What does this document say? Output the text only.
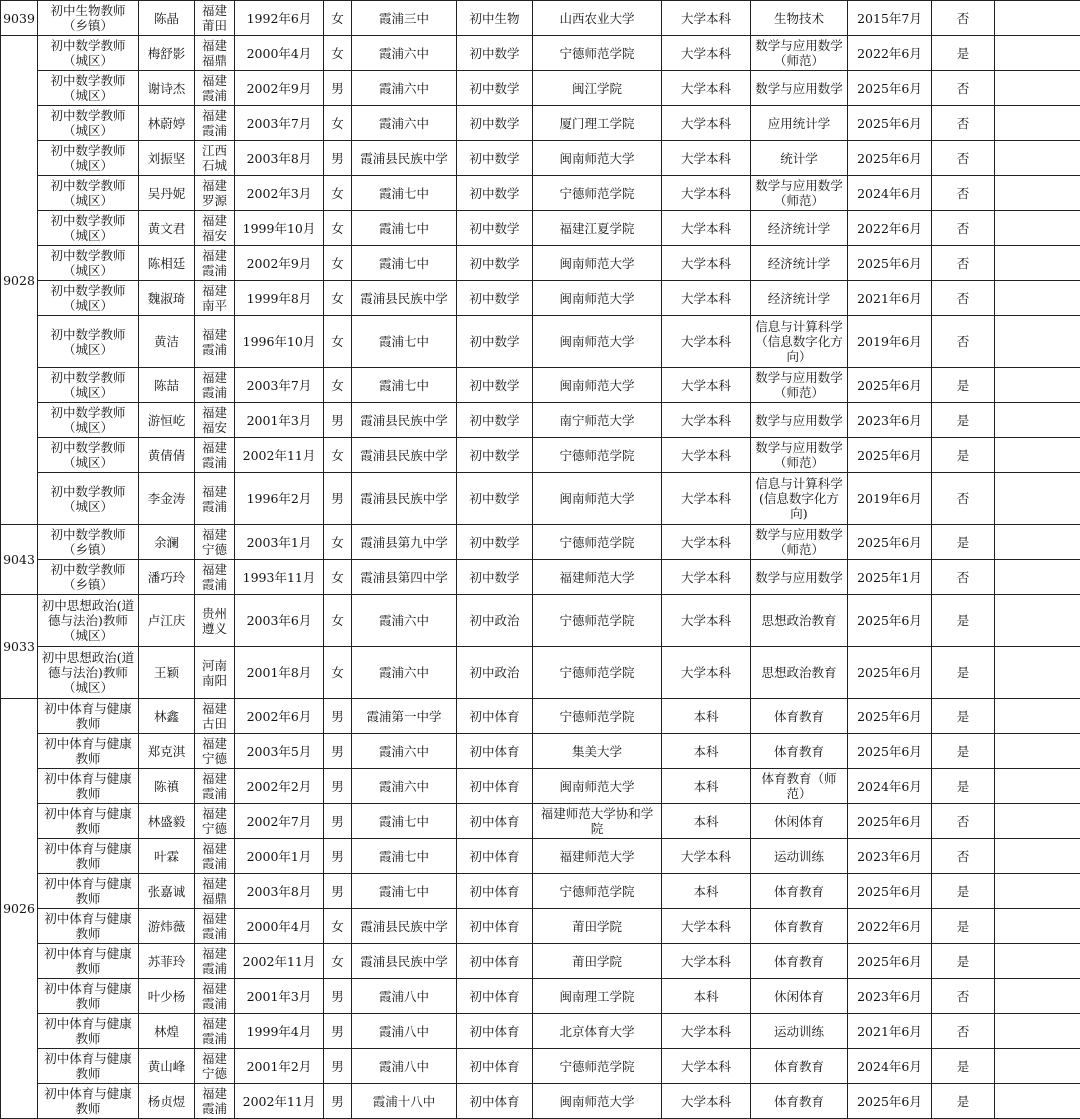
9039	初中生物教师（乡镇）	陈晶	福建莆田	1992年6月	女	霞浦三中	初中生物	山西农业大学	大学本科	生物技术	2015年7月	否	
9028	初中数学教师（城区）	梅舒影	福建福鼎	2000年4月	女	霞浦六中	初中数学	宁德师范学院	大学本科	数学与应用数学（师范）	2022年6月	是	
	初中数学教师（城区）	谢诗杰	福建霞浦	2002年9月	男	霞浦六中	初中数学	闽江学院	大学本科	数学与应用数学	2025年6月	否	
	初中数学教师（城区）	林蔚婷	福建霞浦	2003年7月	女	霞浦六中	初中数学	厦门理工学院	大学本科	应用统计学	2025年6月	否	
	初中数学教师（城区）	刘振坚	江西石城	2003年8月	男	霞浦县民族中学	初中数学	闽南师范大学	大学本科	统计学	2025年6月	否	
	初中数学教师（城区）	吴丹妮	福建罗源	2002年3月	女	霞浦七中	初中数学	宁德师范学院	大学本科	数学与应用数学（师范）	2024年6月	否	
	初中数学教师（城区）	黄文君	福建福安	1999年10月	女	霞浦七中	初中数学	福建江夏学院	大学本科	经济统计学	2022年6月	否	
	初中数学教师（城区）	陈相廷	福建霞浦	2002年9月	女	霞浦七中	初中数学	闽南师范大学	大学本科	经济统计学	2025年6月	否	
	初中数学教师（城区）	魏淑琦	福建南平	1999年8月	女	霞浦县民族中学	初中数学	闽南师范大学	大学本科	经济统计学	2021年6月	否	
	初中数学教师（城区）	黄洁	福建霞浦	1996年10月	女	霞浦七中	初中数学	闽南师范大学	大学本科	信息与计算科学（信息数字化方向）	2019年6月	否	
	初中数学教师（城区）	陈喆	福建霞浦	2003年7月	女	霞浦七中	初中数学	闽南师范大学	大学本科	数学与应用数学（师范）	2025年6月	是	
	初中数学教师（城区）	游恒屹	福建福安	2001年3月	男	霞浦县民族中学	初中数学	南宁师范大学	大学本科	数学与应用数学	2023年6月	是	
	初中数学教师（城区）	黄倩倩	福建霞浦	2002年11月	女	霞浦县民族中学	初中数学	宁德师范学院	大学本科	数学与应用数学（师范）	2025年6月	是	
	初中数学教师（城区）	李金涛	福建霞浦	1996年2月	男	霞浦县民族中学	初中数学	闽南师范大学	大学本科	信息与计算科学(信息数字化方向)	2019年6月	否	
9043	初中数学教师（乡镇）	余澜	福建宁德	2003年1月	女	霞浦县第九中学	初中数学	宁德师范学院	大学本科	数学与应用数学（师范）	2025年6月	是	
	初中数学教师（乡镇）	潘巧玲	福建霞浦	1993年11月	女	霞浦县第四中学	初中数学	福建师范大学	大学本科	数学与应用数学	2025年1月	否	
9033	初中思想政治(道德与法治)教师（城区）	卢江庆	贵州遵义	2003年6月	女	霞浦六中	初中政治	宁德师范学院	大学本科	思想政治教育	2025年6月	是	
	初中思想政治(道德与法治)教师（城区）	王颖	河南南阳	2001年8月	女	霞浦六中	初中政治	宁德师范学院	大学本科	思想政治教育	2025年6月	是	
9026	初中体育与健康教师	林鑫	福建古田	2002年6月	男	霞浦第一中学	初中体育	宁德师范学院	本科	体育教育	2025年6月	是	
	初中体育与健康教师	郑克淇	福建宁德	2003年5月	男	霞浦六中	初中体育	集美大学	本科	体育教育	2025年6月	是	
	初中体育与健康教师	陈禛	福建霞浦	2002年2月	男	霞浦六中	初中体育	闽南师范大学	本科	体育教育（师范）	2024年6月	是	
	初中体育与健康教师	林盛毅	福建宁德	2002年7月	男	霞浦七中	初中体育	福建师范大学协和学院	本科	休闲体育	2025年6月	否	
	初中体育与健康教师	叶霖	福建霞浦	2000年1月	男	霞浦七中	初中体育	福建师范大学	大学本科	运动训练	2023年6月	否	
	初中体育与健康教师	张嘉诚	福建福鼎	2003年8月	男	霞浦七中	初中体育	宁德师范学院	本科	体育教育	2025年6月	是	
	初中体育与健康教师	游炜薇	福建霞浦	2000年4月	女	霞浦县民族中学	初中体育	莆田学院	大学本科	体育教育	2022年6月	是	
	初中体育与健康教师	苏菲玲	福建霞浦	2002年11月	女	霞浦县民族中学	初中体育	莆田学院	大学本科	体育教育	2025年6月	是	
	初中体育与健康教师	叶少杨	福建霞浦	2001年3月	男	霞浦八中	初中体育	闽南理工学院	本科	休闲体育	2023年6月	否	
	初中体育与健康教师	林煌	福建霞浦	1999年4月	男	霞浦八中	初中体育	北京体育大学	大学本科	运动训练	2021年6月	否	
	初中体育与健康教师	黄山峰	福建宁德	2001年2月	男	霞浦八中	初中体育	宁德师范学院	大学本科	体育教育	2024年6月	是	
	初中体育与健康教师	杨贞煜	福建霞浦	2002年11月	男	霞浦十八中	初中体育	闽南师范大学	大学本科	体育教育	2025年6月	是	
